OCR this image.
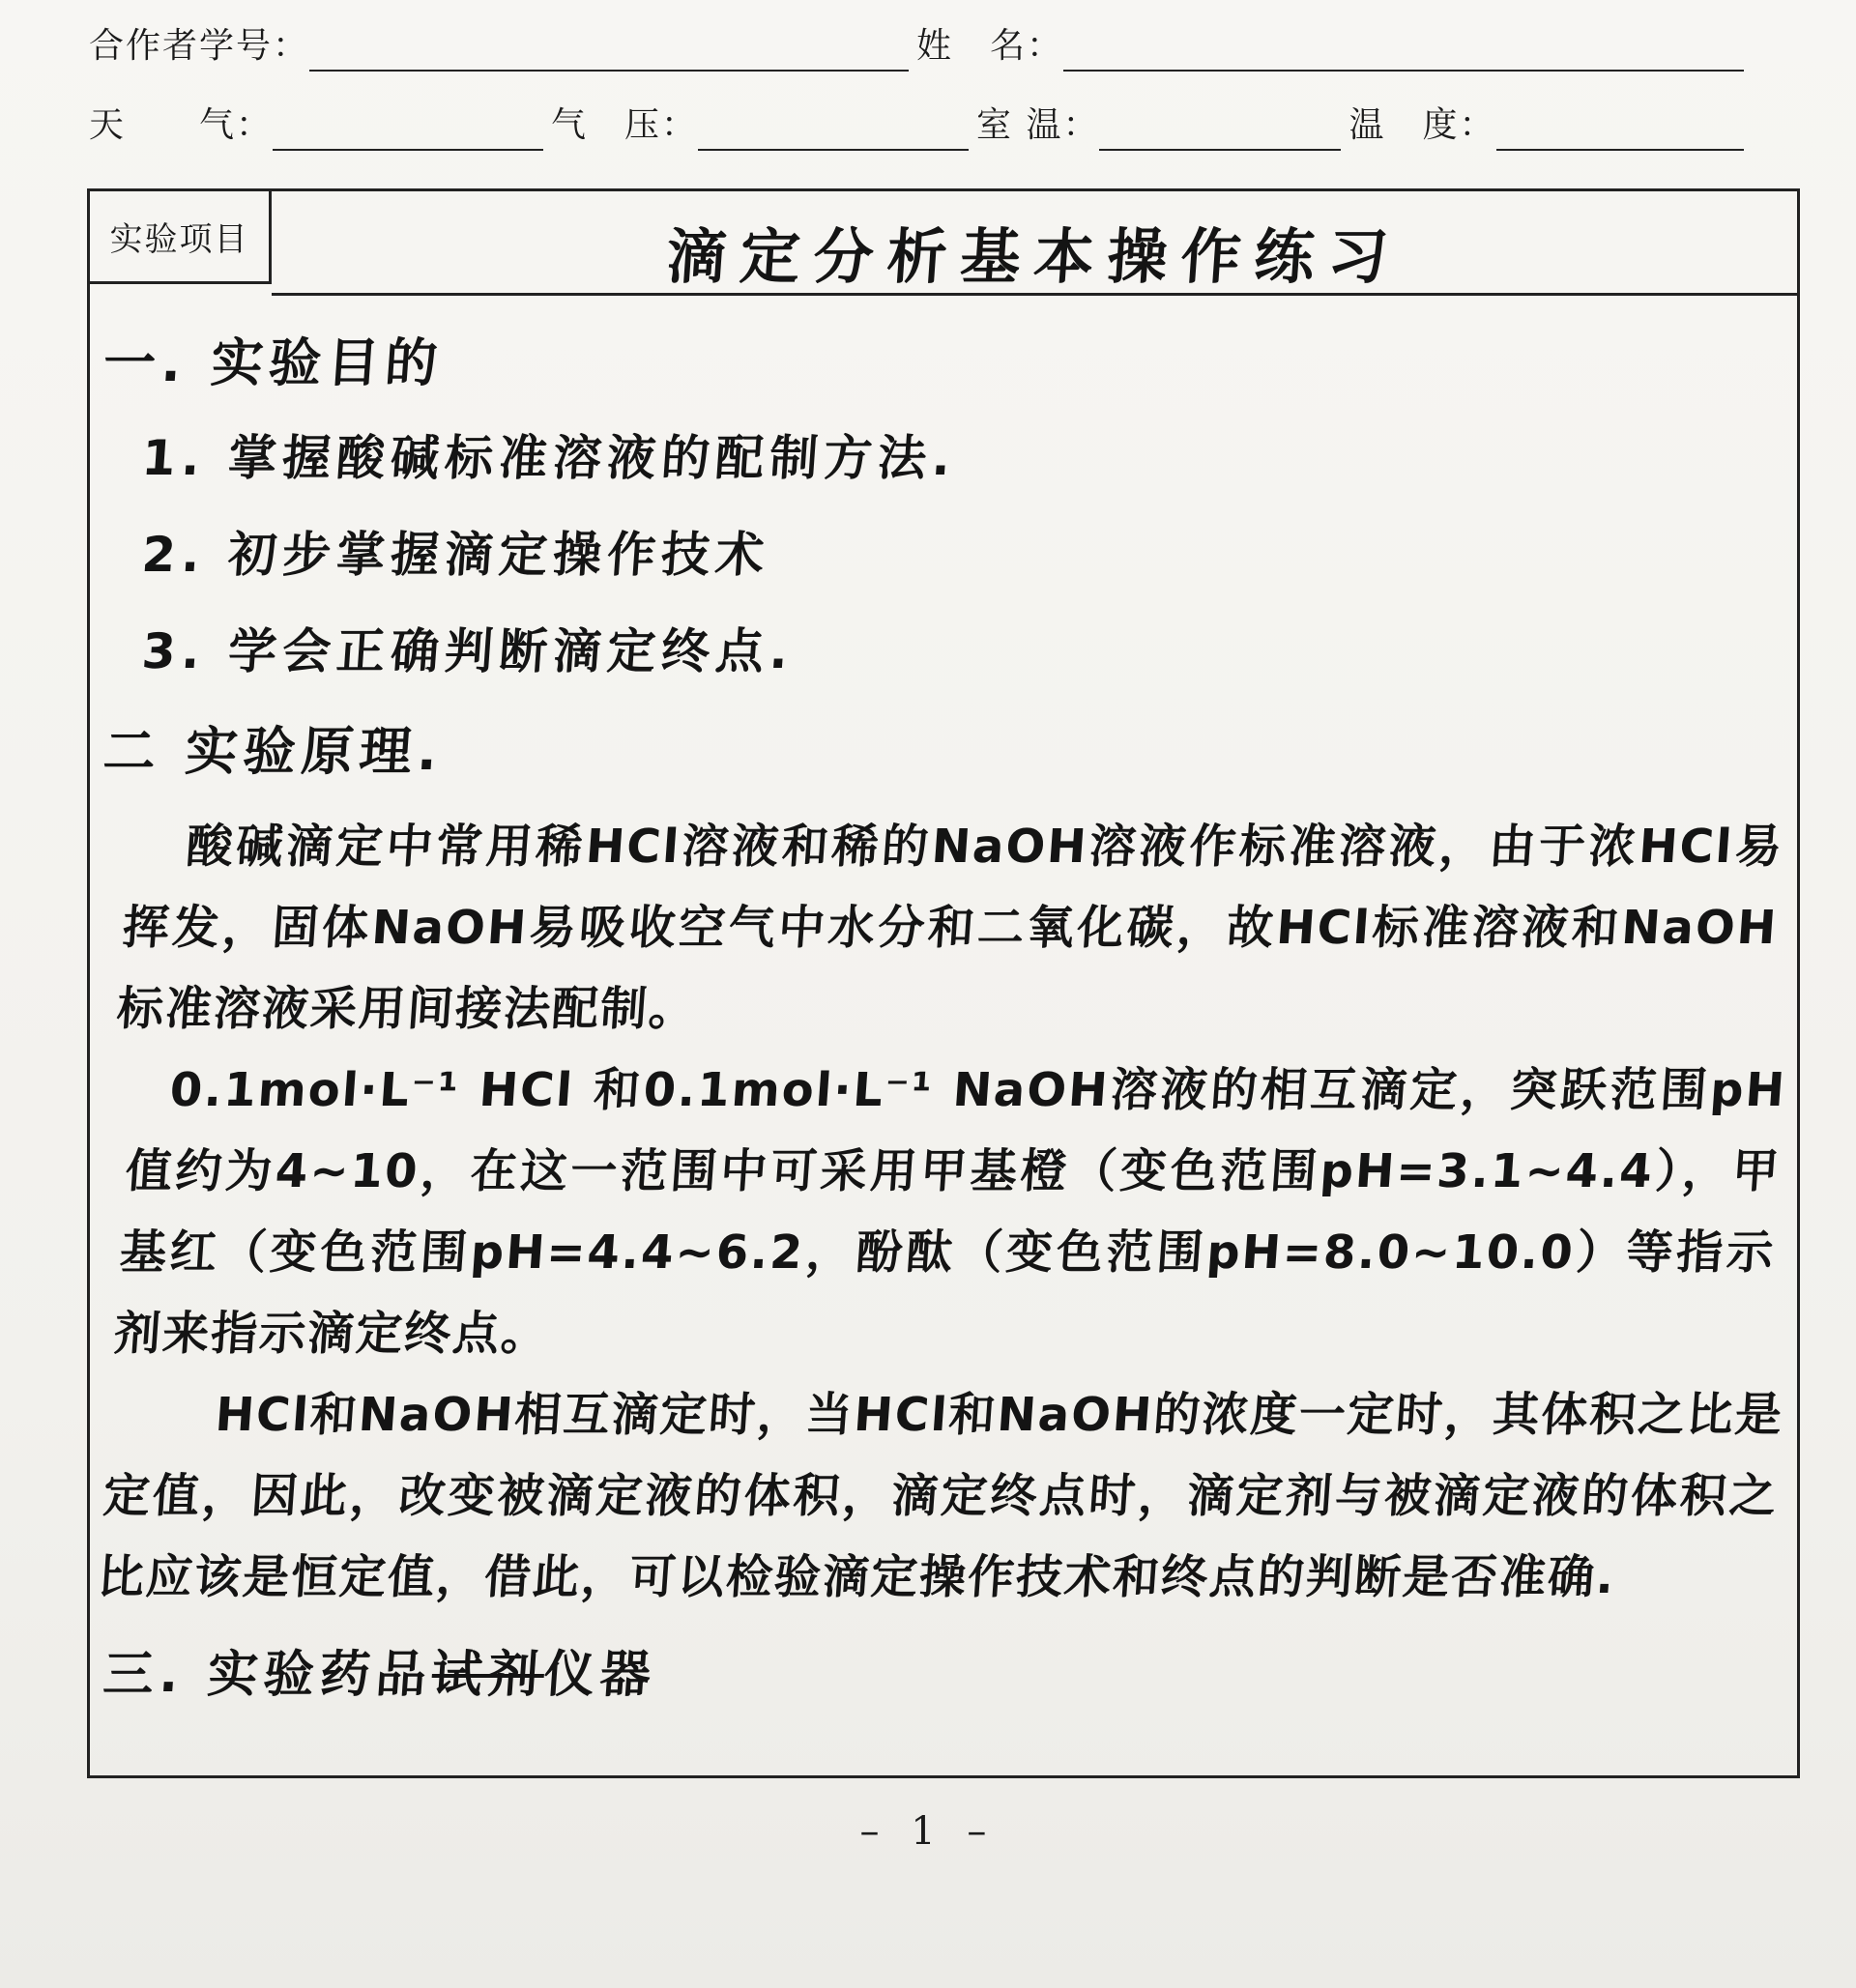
合作者学号：	姓　名：
天　　气：	气　压：	室 温：	温　度：
实验项目	滴定分析基本操作练习
一. 实验目的
1. 掌握酸碱标准溶液的配制方法.
2. 初步掌握滴定操作技术
3. 学会正确判断滴定终点.
二 实验原理.

酸碱滴定中常用稀HCl溶液和稀的NaOH溶液作标准溶液，由于浓HCl易挥发，固体NaOH易吸收空气中水分和二氧化碳，故HCl标准溶液和NaOH标准溶液采用间接法配制。

0.1mol·L⁻¹ HCl 和0.1mol·L⁻¹ NaOH溶液的相互滴定，突跃范围pH值约为4~10，在这一范围中可采用甲基橙（变色范围pH=3.1~4.4），甲基红（变色范围pH=4.4~6.2，酚酞（变色范围pH=8.0~10.0）等指示剂来指示滴定终点。

HCl和NaOH相互滴定时，当HCl和NaOH的浓度一定时，其体积之比是定值，因此，改变被滴定液的体积，滴定终点时，滴定剂与被滴定液的体积之比应该是恒定值，借此，可以检验滴定操作技术和终点的判断是否准确.

三. 实验药品试剂仪器
– 1 –
